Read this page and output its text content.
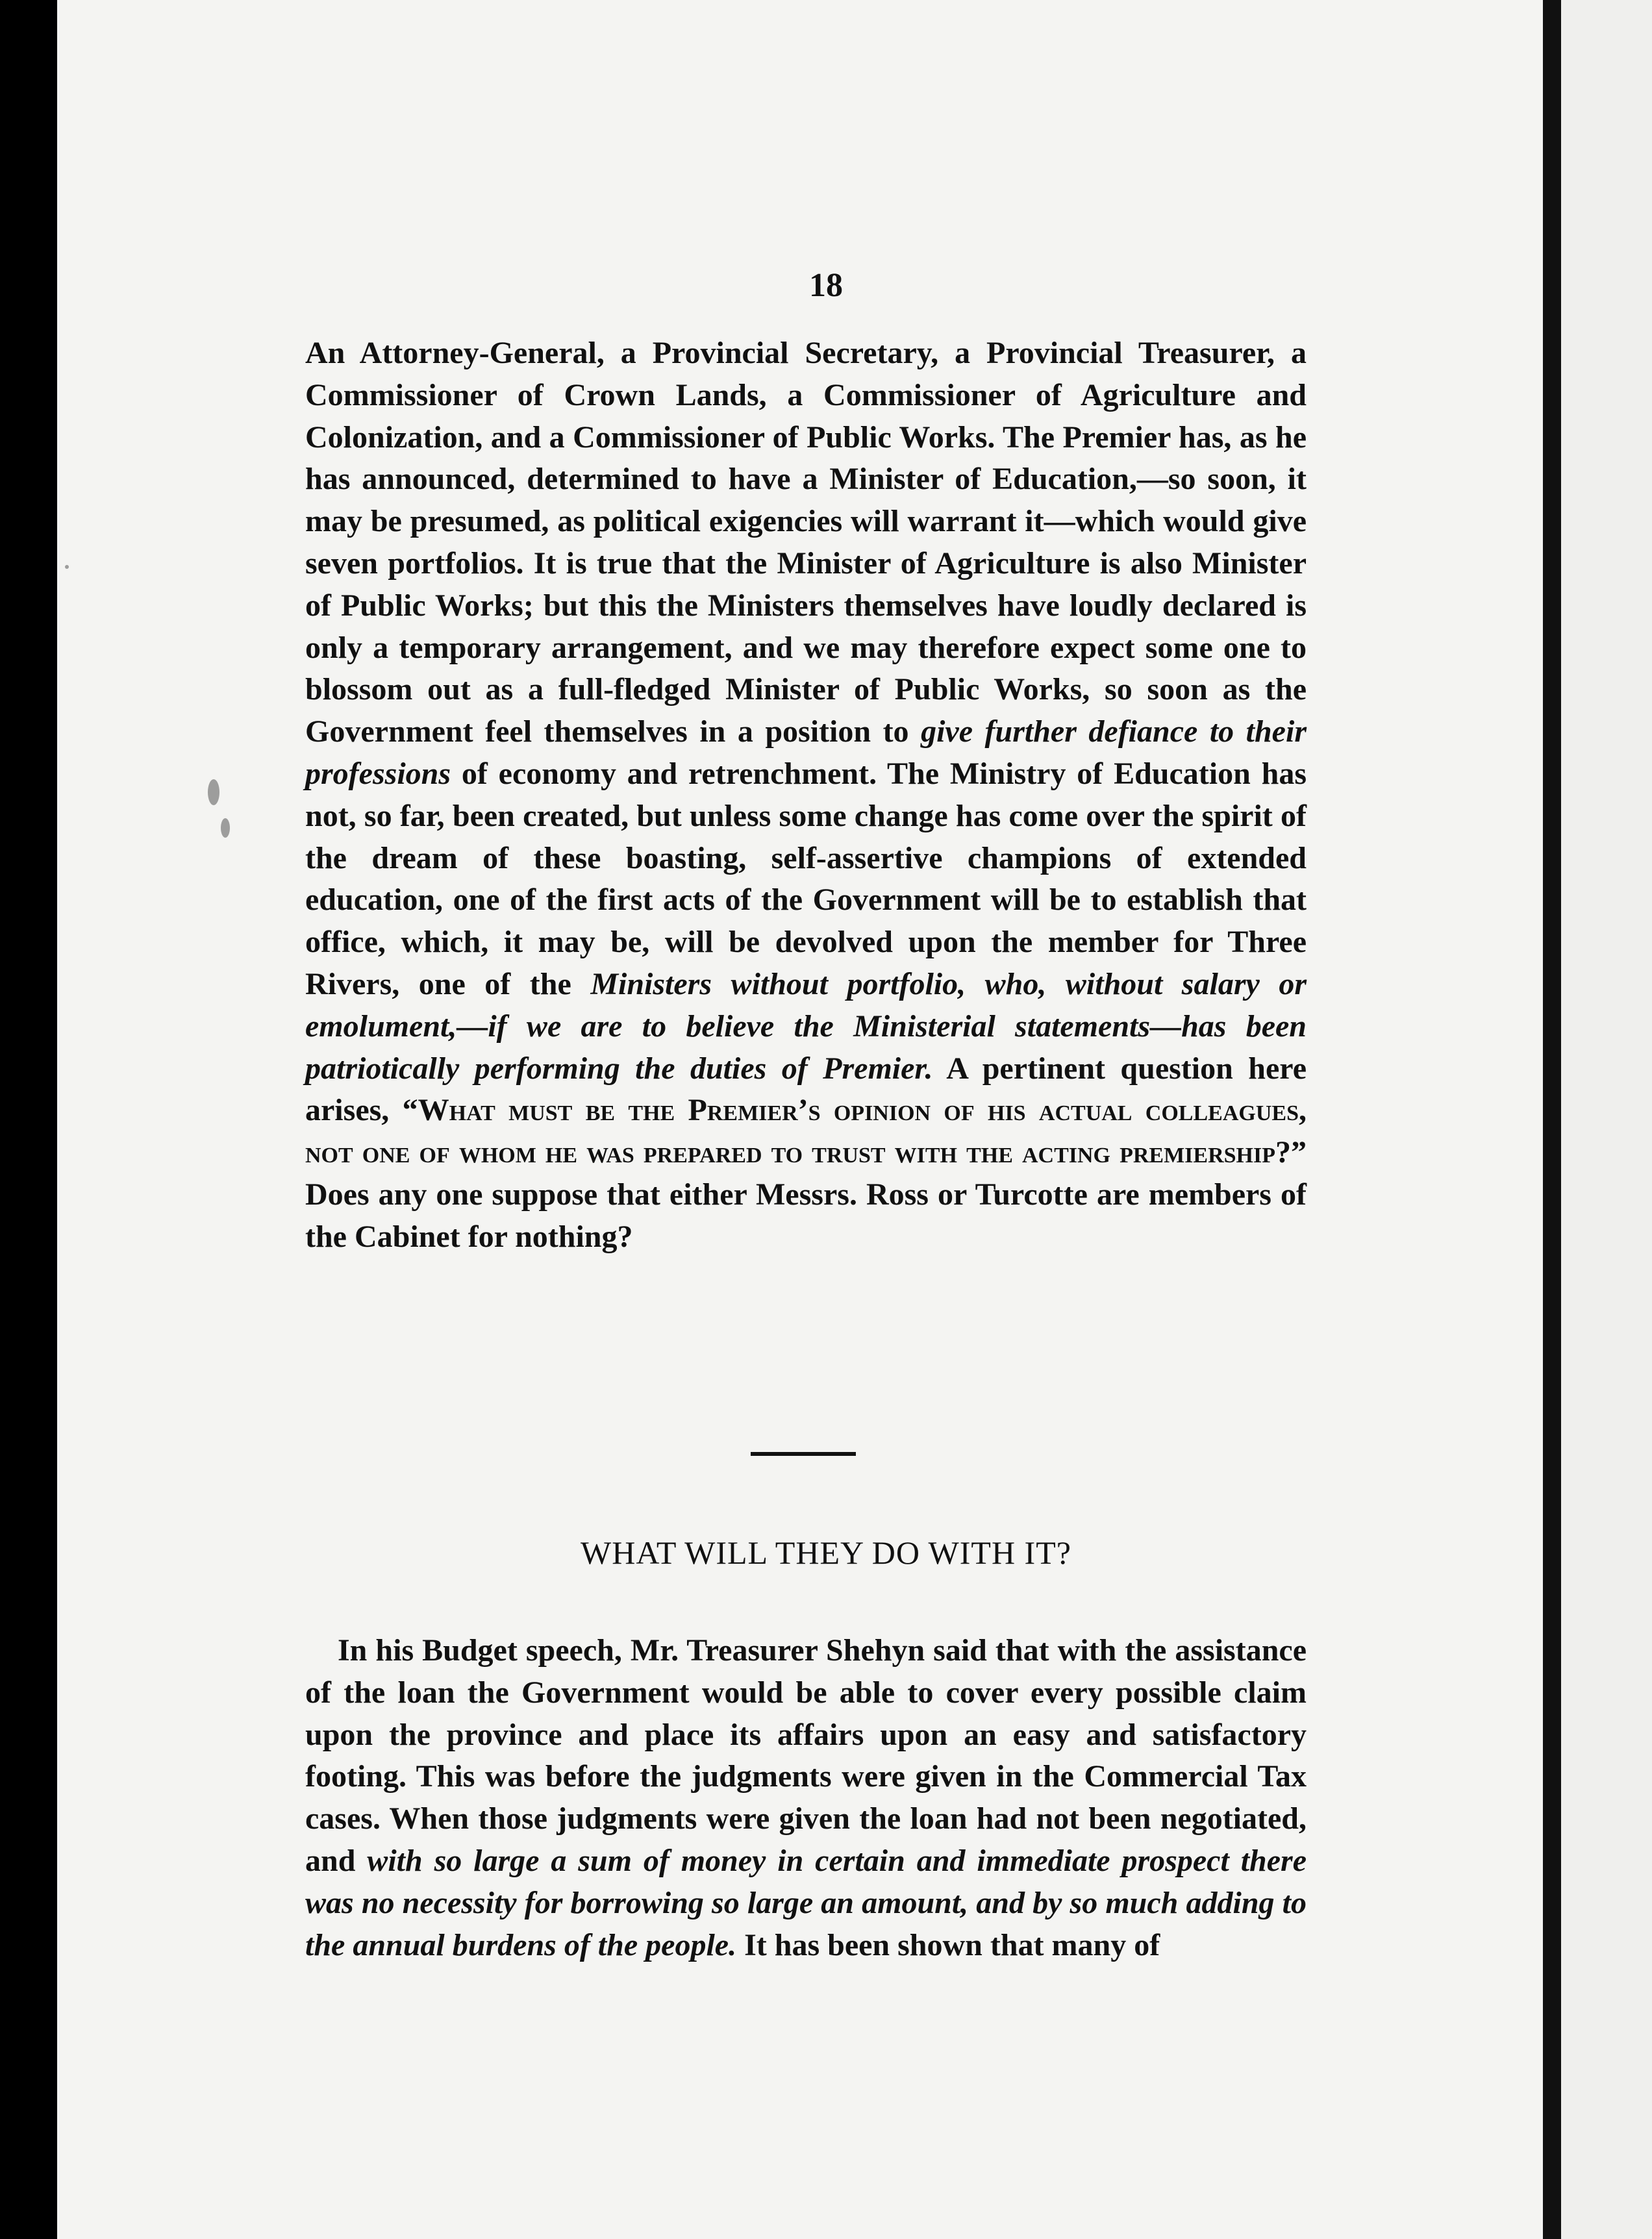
18

An Attorney-General, a Provincial Secretary, a Provincial Treasurer, a Commissioner of Crown Lands, a Commissioner of Agriculture and Colonization, and a Commissioner of Public Works. The Premier has, as he has announced, determined to have a Minister of Education,—so soon, it may be presumed, as political exigencies will warrant it—which would give seven portfolios. It is true that the Minister of Agriculture is also Minister of Public Works; but this the Ministers themselves have loudly declared is only a temporary arrangement, and we may therefore expect some one to blossom out as a full-fledged Minister of Public Works, so soon as the Government feel themselves in a position to give further defiance to their professions of economy and retrenchment. The Ministry of Education has not, so far, been created, but unless some change has come over the spirit of the dream of these boasting, self-assertive champions of extended education, one of the first acts of the Government will be to establish that office, which, it may be, will be devolved upon the member for Three Rivers, one of the Ministers without portfolio, who, without salary or emolument,—if we are to believe the Ministerial statements—has been patriotically performing the duties of Premier. A pertinent question here arises, “What must be the Premier’s opinion of his actual colleagues, not one of whom he was prepared to trust with the acting premiership?” Does any one suppose that either Messrs. Ross or Turcotte are members of the Cabinet for nothing?

WHAT WILL THEY DO WITH IT?

In his Budget speech, Mr. Treasurer Shehyn said that with the assistance of the loan the Government would be able to cover every possible claim upon the province and place its affairs upon an easy and satisfactory footing. This was before the judgments were given in the Commercial Tax cases. When those judgments were given the loan had not been negotiated, and with so large a sum of money in certain and immediate prospect there was no necessity for borrowing so large an amount, and by so much adding to the annual burdens of the people. It has been shown that many of
